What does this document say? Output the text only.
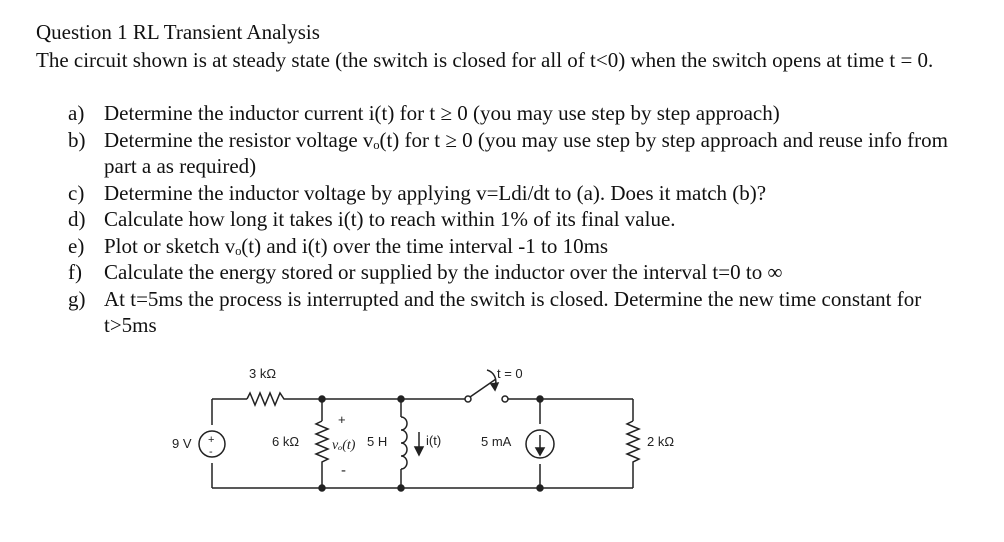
Question 1 RL Transient Analysis
The circuit shown is at steady state (the switch is closed for all of t<0) when the switch opens at time t = 0.
a) Determine the inductor current i(t) for t ≥ 0 (you may use step by step approach)
b) Determine the resistor voltage vₒ(t) for t ≥ 0 (you may use step by step approach and reuse info from part a as required)
c) Determine the inductor voltage by applying v=Ldi/dt to (a). Does it match (b)?
d) Calculate how long it takes i(t) to reach within 1% of its final value.
e) Plot or sketch vₒ(t) and i(t) over the time interval -1 to 10ms
f)	Calculate the energy stored or supplied by the inductor over the interval t=0 to ∞
g) At t=5ms the process is interrupted and the switch is closed. Determine the new time constant for t>5ms
+
-
9 V
3 kΩ
6 kΩ
+
vₒ(t)
-
5 H	i(t)
t = 0
5 mA	2 kΩ
